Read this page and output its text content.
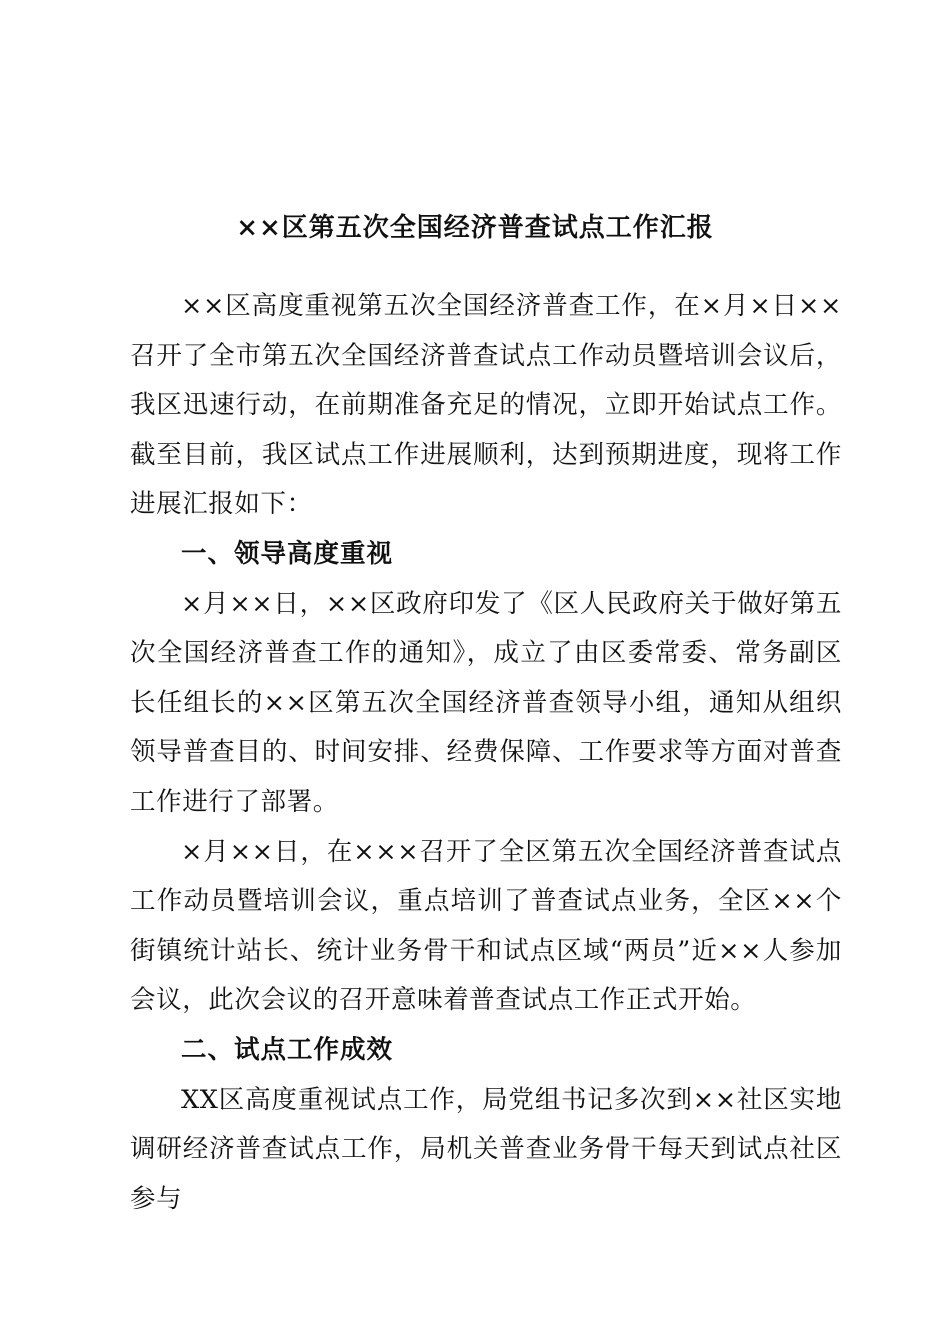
××区第五次全国经济普查试点工作汇报

××区高度重视第五次全国经济普查工作，在×月×日××召开了全市第五次全国经济普查试点工作动员暨培训会议后，我区迅速行动，在前期准备充足的情况，立即开始试点工作。截至目前，我区试点工作进展顺利，达到预期进度，现将工作进展汇报如下：

一、领导高度重视

×月××日，××区政府印发了《区人民政府关于做好第五次全国经济普查工作的通知》，成立了由区委常委、常务副区长任组长的××区第五次全国经济普查领导小组，通知从组织领导普查目的、时间安排、经费保障、工作要求等方面对普查工作进行了部署。

×月××日，在×××召开了全区第五次全国经济普查试点工作动员暨培训会议，重点培训了普查试点业务，全区××个街镇统计站长、统计业务骨干和试点区域“两员”近××人参加会议，此次会议的召开意味着普查试点工作正式开始。

二、试点工作成效

XX区高度重视试点工作，局党组书记多次到××社区实地调研经济普查试点工作，局机关普查业务骨干每天到试点社区参与
